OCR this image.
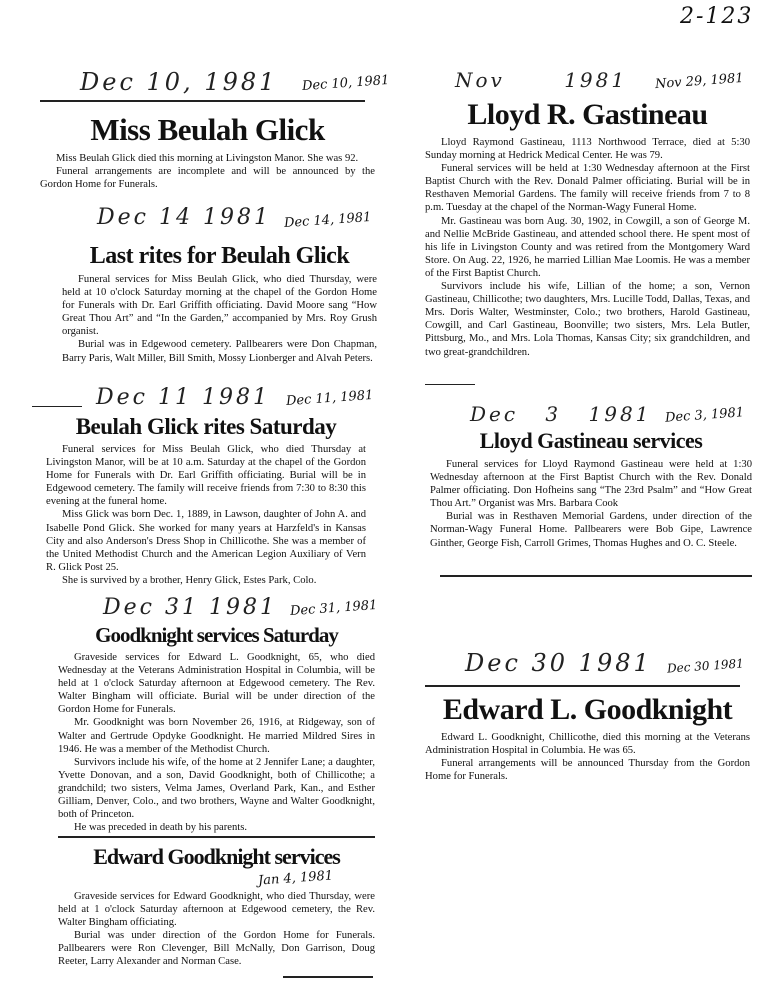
2-123
Dec 10, 1981 Dec 10, 1981
Miss Beulah Glick

Miss Beulah Glick died this morning at Livingston Manor. She was 92.

Funeral arrangements are incomplete and will be announced by the Gordon Home for Funerals.

Dec 14 1981 Dec 14, 1981
Last rites for Beulah Glick

Funeral services for Miss Beulah Glick, who died Thursday, were held at 10 o'clock Saturday morning at the chapel of the Gordon Home for Funerals with Dr. Earl Griffith officiating. David Moore sang “How Great Thou Art” and “In the Garden,” accompanied by Mrs. Roy Grush organist.

Burial was in Edgewood cemetery. Pallbearers were Don Chapman, Barry Paris, Walt Miller, Bill Smith, Mossy Lionberger and Alvah Peters.

Dec 11 1981 Dec 11, 1981
Beulah Glick rites Saturday

Funeral services for Miss Beulah Glick, who died Thursday at Livingston Manor, will be at 10 a.m. Saturday at the chapel of the Gordon Home for Funerals with Dr. Earl Griffith officiating. Burial will be in Edgewood cemetery. The family will receive friends from 7:30 to 8:30 this evening at the funeral home.

Miss Glick was born Dec. 1, 1889, in Lawson, daughter of John A. and Isabelle Pond Glick. She worked for many years at Harzfeld's in Kansas City and also Anderson's Dress Shop in Chillicothe. She was a member of the United Methodist Church and the American Legion Auxiliary of Vern R. Glick Post 25.

She is survived by a brother, Henry Glick, Estes Park, Colo.

Dec 31 1981 Dec 31, 1981
Goodknight services Saturday

Graveside services for Edward L. Goodknight, 65, who died Wednesday at the Veterans Administration Hospital in Columbia, will be held at 1 o'clock Saturday afternoon at Edgewood cemetery. The Rev. Walter Bingham will officiate. Burial will be under direction of the Gordon Home for Funerals.

Mr. Goodknight was born November 26, 1916, at Ridgeway, son of Walter and Gertrude Opdyke Goodknight. He married Mildred Sires in 1946. He was a member of the Methodist Church.

Survivors include his wife, of the home at 2 Jennifer Lane; a daughter, Yvette Donovan, and a son, David Goodknight, both of Chillicothe; a grandchild; two sisters, Velma James, Overland Park, Kan., and Esther Gilliam, Denver, Colo., and two brothers, Wayne and Walter Goodknight, both of Princeton.

He was preceded in death by his parents.

Edward Goodknight services
Jan 4, 1981

Graveside services for Edward Goodknight, who died Thursday, were held at 1 o'clock Saturday afternoon at Edgewood cemetery, the Rev. Walter Bingham officiating.

Burial was under direction of the Gordon Home for Funerals. Pallbearers were Ron Clevenger, Bill McNally, Don Garrison, Doug Reeter, Larry Alexander and Norman Case.

Nov 1981 Nov 29, 1981
Lloyd R. Gastineau

Lloyd Raymond Gastineau, 1113 Northwood Terrace, died at 5:30 Sunday morning at Hedrick Medical Center. He was 79.

Funeral services will be held at 1:30 Wednesday afternoon at the First Baptist Church with the Rev. Donald Palmer officiating. Burial will be in Resthaven Memorial Gardens. The family will receive friends from 7 to 8 p.m. Tuesday at the chapel of the Norman-Wagy Funeral Home.

Mr. Gastineau was born Aug. 30, 1902, in Cowgill, a son of George M. and Nellie McBride Gastineau, and attended school there. He spent most of his life in Livingston County and was retired from the Montgomery Ward Store. On Aug. 22, 1926, he married Lillian Mae Loomis. He was a member of the First Baptist Church.

Survivors include his wife, Lillian of the home; a son, Vernon Gastineau, Chillicothe; two daughters, Mrs. Lucille Todd, Dallas, Texas, and Mrs. Doris Walter, Westminster, Colo.; two brothers, Harold Gastineau, Cowgill, and Carl Gastineau, Boonville; two sisters, Mrs. Lela Butler, Pittsburg, Mo., and Mrs. Lola Thomas, Kansas City; six grandchildren, and two great-grandchildren.

Dec 3 1981 Dec 3, 1981
Lloyd Gastineau services

Funeral services for Lloyd Raymond Gastineau were held at 1:30 Wednesday afternoon at the First Baptist Church with the Rev. Donald Palmer officiating. Don Hofheins sang “The 23rd Psalm” and “How Great Thou Art.” Organist was Mrs. Barbara Cook

Burial was in Resthaven Memorial Gardens, under direction of the Norman-Wagy Funeral Home. Pallbearers were Bob Gipe, Lawrence Ginther, George Fish, Carroll Grimes, Thomas Hughes and O. C. Steele.

Dec 30 1981 Dec 30 1981
Edward L. Goodknight

Edward L. Goodknight, Chillicothe, died this morning at the Veterans Administration Hospital in Columbia. He was 65.

Funeral arrangements will be announced Thursday from the Gordon Home for Funerals.
